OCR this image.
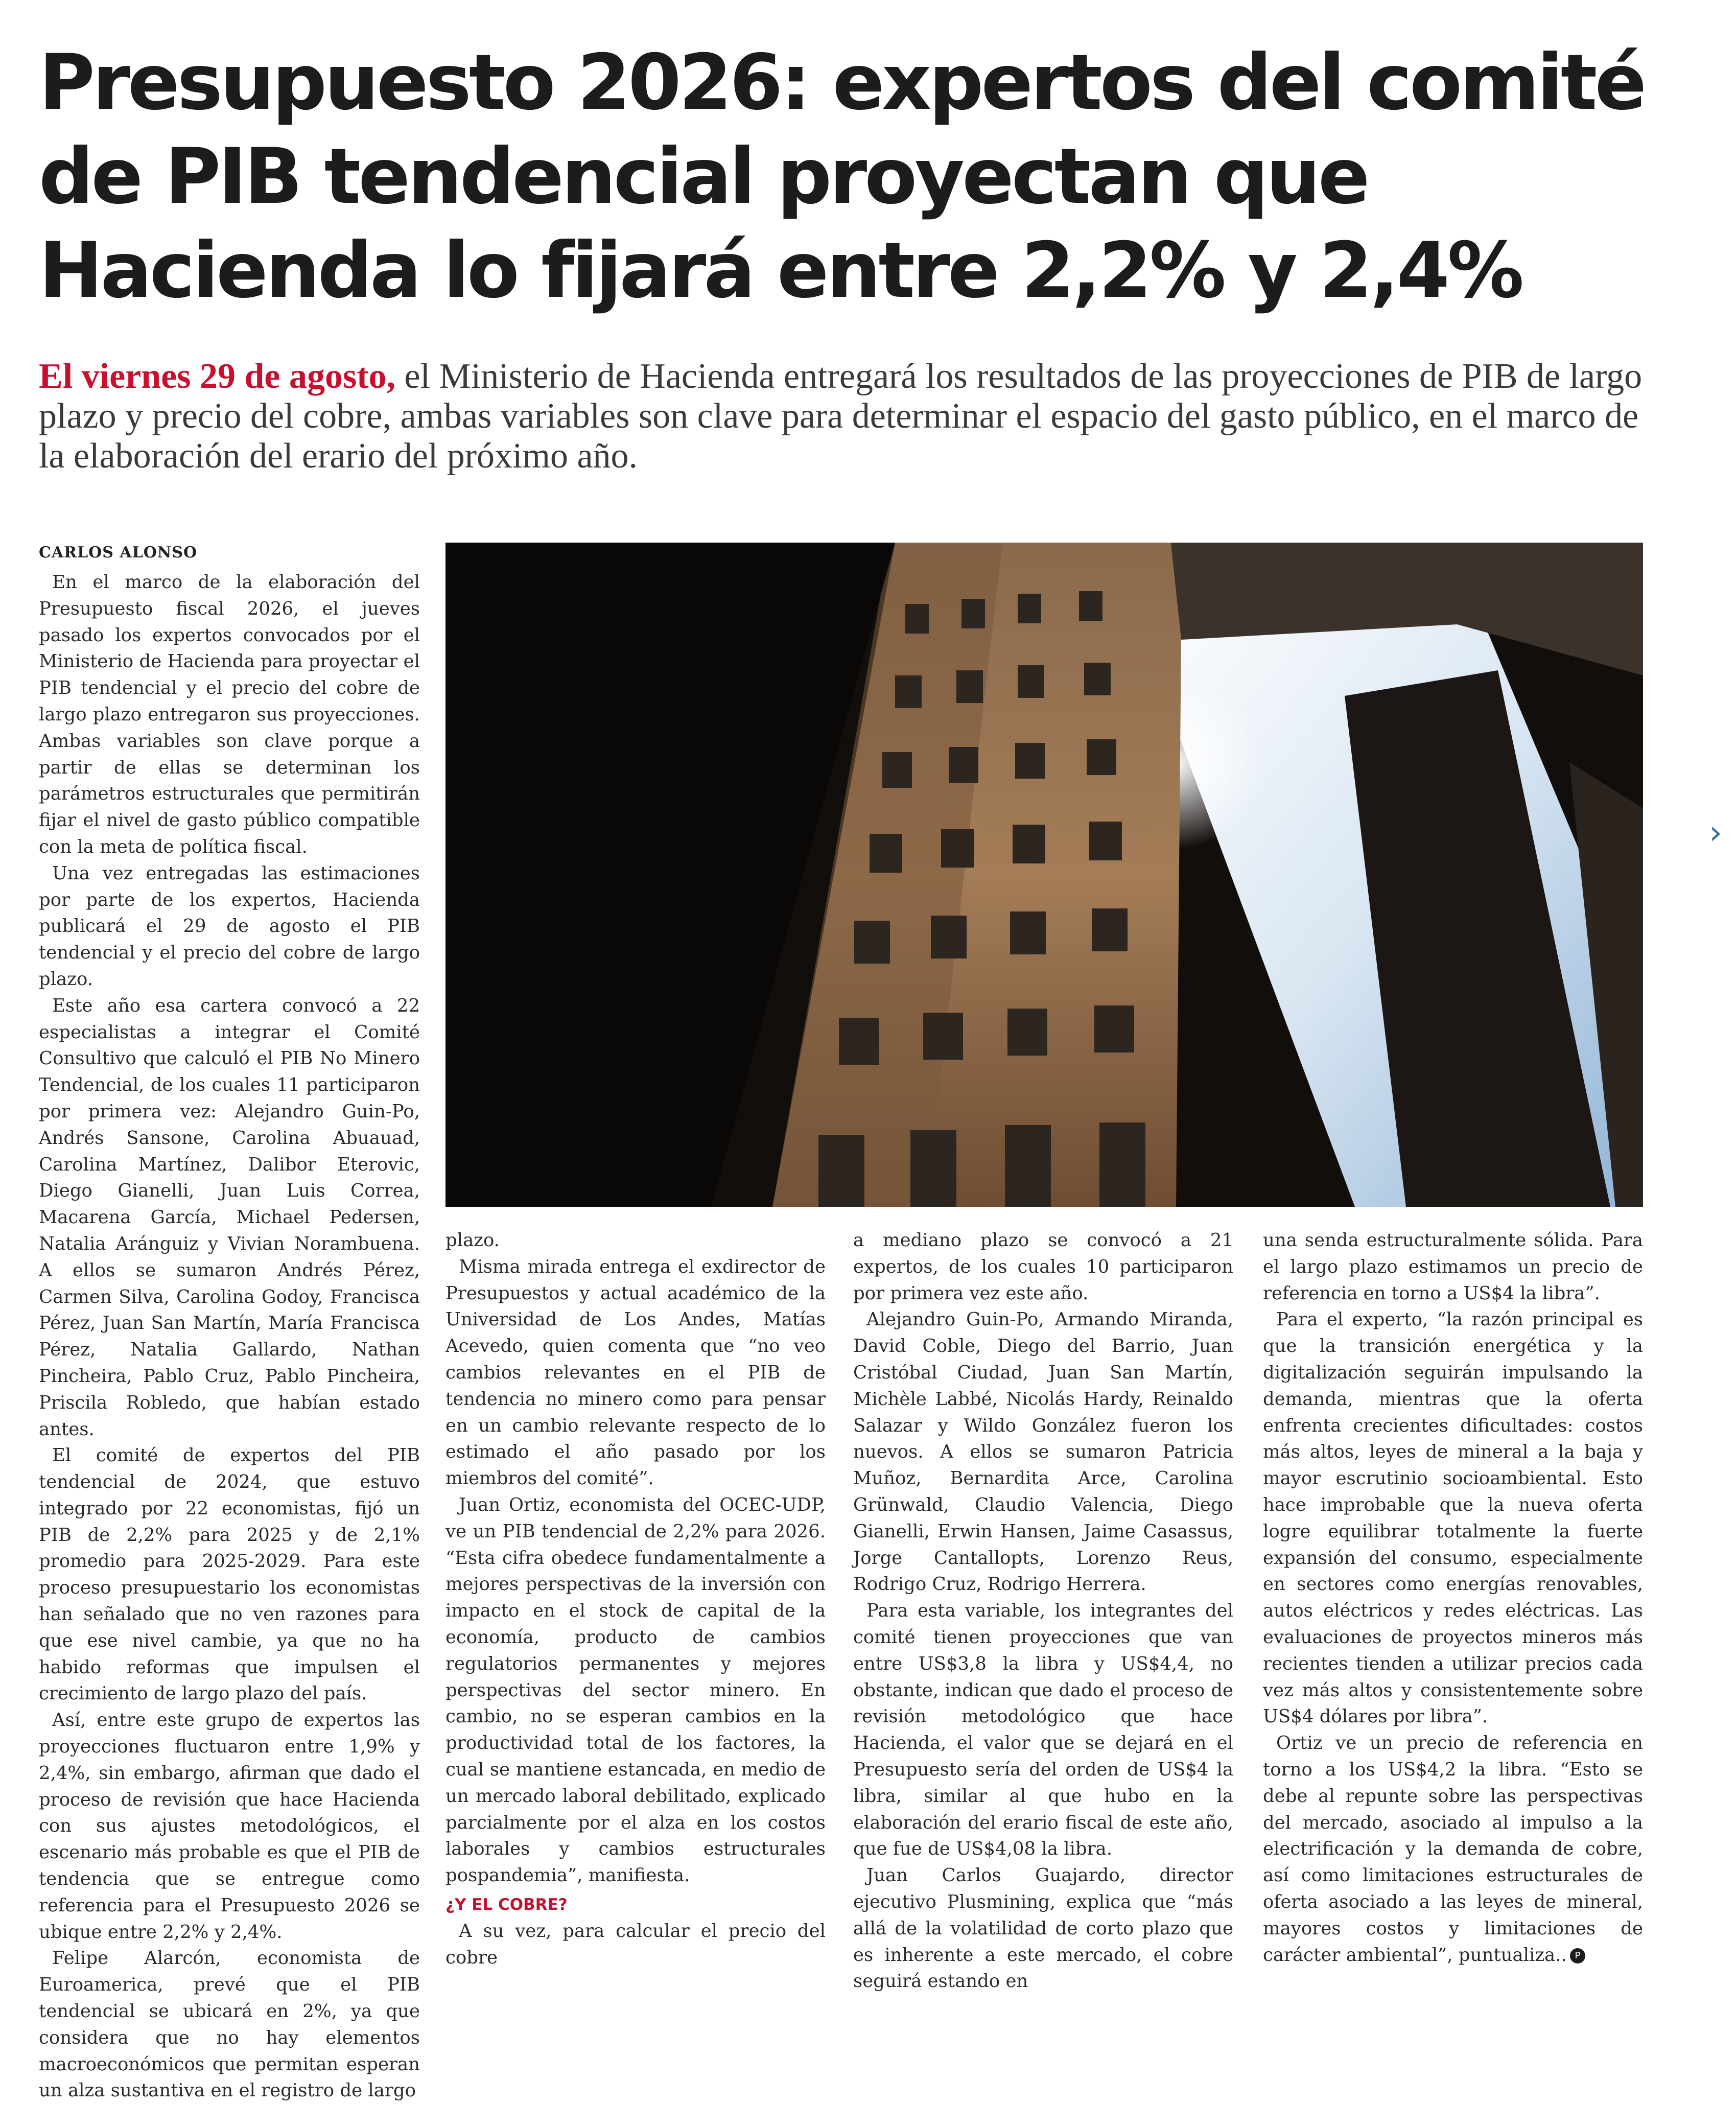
Presupuesto 2026: expertos del comité de PIB tendencial proyectan que Hacienda lo fijará entre 2,2% y 2,4%

El viernes 29 de agosto, el Ministerio de Hacienda entregará los resultados de las proyecciones de PIB de largo plazo y precio del cobre, ambas variables son clave para determinar el espacio del gasto público, en el marco de la elaboración del erario del próximo año.

CARLOS ALONSO

En el marco de la elaboración del Presupuesto fiscal 2026, el jueves pasado los expertos convocados por el Ministerio de Hacienda para proyectar el PIB tendencial y el precio del cobre de largo plazo entregaron sus proyecciones. Ambas variables son clave porque a partir de ellas se determinan los parámetros estructurales que permitirán fijar el nivel de gasto público compatible con la meta de política fiscal.

Una vez entregadas las estimaciones por parte de los expertos, Hacienda publicará el 29 de agosto el PIB tendencial y el precio del cobre de largo plazo.

Este año esa cartera convocó a 22 especialistas a integrar el Comité Consultivo que calculó el PIB No Minero Tendencial, de los cuales 11 participaron por primera vez: Alejandro Guin-Po, Andrés Sansone, Carolina Abuauad, Carolina Martínez, Dalibor Eterovic, Diego Gianelli, Juan Luis Correa, Macarena García, Michael Pedersen, Natalia Aránguiz y Vivian Norambuena. A ellos se sumaron Andrés Pérez, Carmen Silva, Carolina Godoy, Francisca Pérez, Juan San Martín, María Francisca Pérez, Natalia Gallardo, Nathan Pincheira, Pablo Cruz, Pablo Pincheira, Priscila Robledo, que habían estado antes.

El comité de expertos del PIB tendencial de 2024, que estuvo integrado por 22 economistas, fijó un PIB de 2,2% para 2025 y de 2,1% promedio para 2025-2029. Para este proceso presupuestario los economistas han señalado que no ven razones para que ese nivel cambie, ya que no ha habido reformas que impulsen el crecimiento de largo plazo del país.

Así, entre este grupo de expertos las proyecciones fluctuaron entre 1,9% y 2,4%, sin embargo, afirman que dado el proceso de revisión que hace Hacienda con sus ajustes metodológicos, el escenario más probable es que el PIB de tendencia que se entregue como referencia para el Presupuesto 2026 se ubique entre 2,2% y 2,4%.

Felipe Alarcón, economista de Euroamerica, prevé que el PIB tendencial se ubicará en 2%, ya que considera que no hay elementos macroeconómicos que permitan esperan un alza sustantiva en el registro de largo

›

plazo.

Misma mirada entrega el exdirector de Presupuestos y actual académico de la Universidad de Los Andes, Matías Acevedo, quien comenta que “no veo cambios relevantes en el PIB de tendencia no minero como para pensar en un cambio relevante respecto de lo estimado el año pasado por los miembros del comité”.

Juan Ortiz, economista del OCEC-UDP, ve un PIB tendencial de 2,2% para 2026. “Esta cifra obedece fundamentalmente a mejores perspectivas de la inversión con impacto en el stock de capital de la economía, producto de cambios regulatorios permanentes y mejores perspectivas del sector minero. En cambio, no se esperan cambios en la productividad total de los factores, la cual se mantiene estancada, en medio de un mercado laboral debilitado, explicado parcialmente por el alza en los costos laborales y cambios estructurales pospandemia”, manifiesta.

¿Y EL COBRE?

A su vez, para calcular el precio del cobre

a mediano plazo se convocó a 21 expertos, de los cuales 10 participaron por primera vez este año.

Alejandro Guin-Po, Armando Miranda, David Coble, Diego del Barrio, Juan Cristóbal Ciudad, Juan San Martín, Michèle Labbé, Nicolás Hardy, Reinaldo Salazar y Wildo González fueron los nuevos. A ellos se sumaron Patricia Muñoz, Bernardita Arce, Carolina Grünwald, Claudio Valencia, Diego Gianelli, Erwin Hansen, Jaime Casassus, Jorge Cantallopts, Lorenzo Reus, Rodrigo Cruz, Rodrigo Herrera.

Para esta variable, los integrantes del comité tienen proyecciones que van entre US$3,8 la libra y US$4,4, no obstante, indican que dado el proceso de revisión metodológico que hace Hacienda, el valor que se dejará en el Presupuesto sería del orden de US$4 la libra, similar al que hubo en la elaboración del erario fiscal de este año, que fue de US$4,08 la libra.

Juan Carlos Guajardo, director ejecutivo Plusmining, explica que “más allá de la volatilidad de corto plazo que es inherente a este mercado, el cobre seguirá estando en

una senda estructuralmente sólida. Para el largo plazo estimamos un precio de referencia en torno a US$4 la libra”.

Para el experto, “la razón principal es que la transición energética y la digitalización seguirán impulsando la demanda, mientras que la oferta enfrenta crecientes dificultades: costos más altos, leyes de mineral a la baja y mayor escrutinio socioambiental. Esto hace improbable que la nueva oferta logre equilibrar totalmente la fuerte expansión del consumo, especialmente en sectores como energías renovables, autos eléctricos y redes eléctricas. Las evaluaciones de proyectos mineros más recientes tienden a utilizar precios cada vez más altos y consistentemente sobre US$4 dólares por libra”.

Ortiz ve un precio de referencia en torno a los US$4,2 la libra. “Esto se debe al repunte sobre las perspectivas del mercado, asociado al impulso a la electrificación y la demanda de cobre, así como limitaciones estructurales de oferta asociado a las leyes de mineral, mayores costos y limitaciones de carácter ambiental”, puntualiza.. P
